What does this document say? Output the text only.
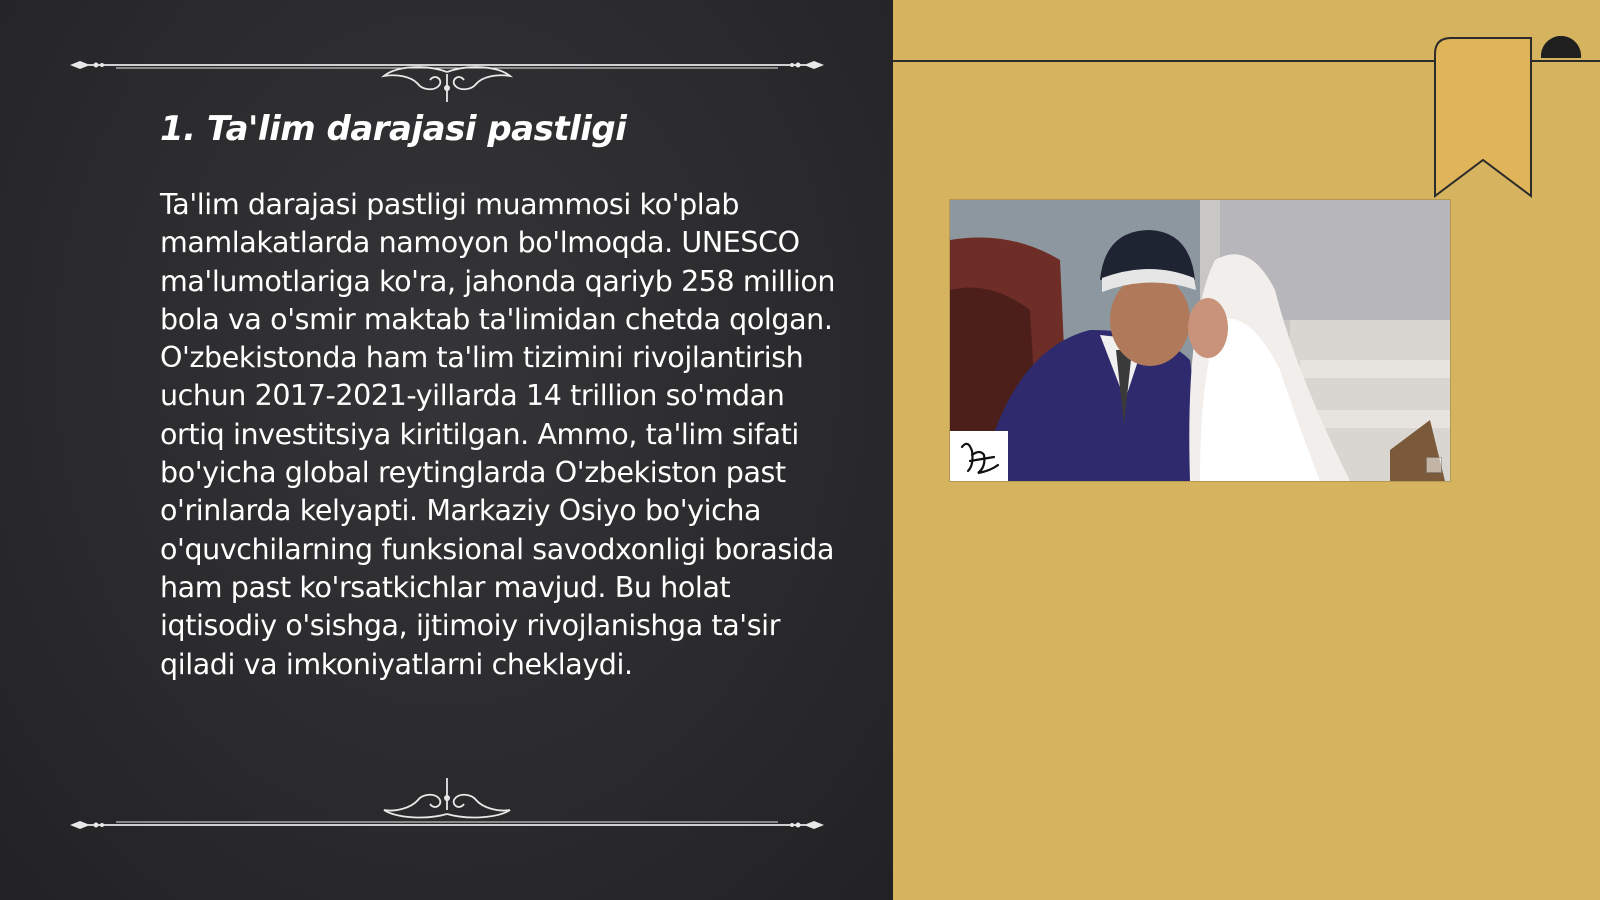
1. Ta'lim darajasi pastligi

Ta'lim darajasi pastligi muammosi ko'plab mamlakatlarda namoyon bo'lmoqda. UNESCO ma'lumotlariga ko'ra, jahonda qariyb 258 million bola va o'smir maktab ta'limidan chetda qolgan. O'zbekistonda ham ta'lim tizimini rivojlantirish uchun 2017-2021-yillarda 14 trillion so'mdan ortiq investitsiya kiritilgan. Ammo, ta'lim sifati bo'yicha global reytinglarda O'zbekiston past o'rinlarda kelyapti. Markaziy Osiyo bo'yicha o'quvchilarning funksional savodxonligi borasida ham past ko'rsatkichlar mavjud. Bu holat iqtisodiy o'sishga, ijtimoiy rivojlanishga ta'sir qiladi va imkoniyatlarni cheklaydi.
